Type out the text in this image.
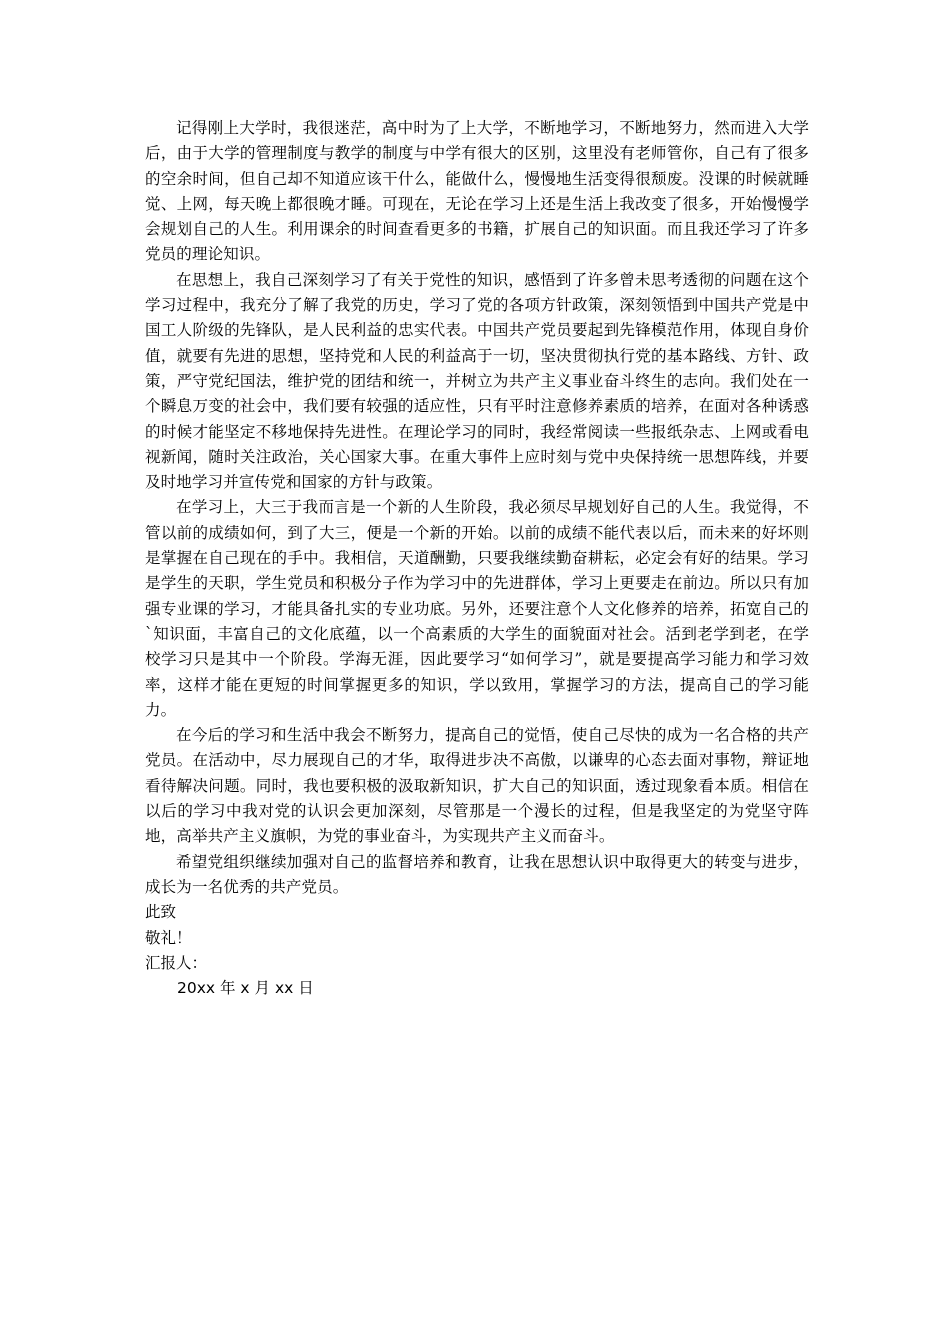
记得刚上大学时，我很迷茫，高中时为了上大学，不断地学习，不断地努力，然而进入大学后，由于大学的管理制度与教学的制度与中学有很大的区别，这里没有老师管你，自己有了很多的空余时间，但自己却不知道应该干什么，能做什么，慢慢地生活变得很颓废。没课的时候就睡觉、上网，每天晚上都很晚才睡。可现在，无论在学习上还是生活上我改变了很多，开始慢慢学会规划自己的人生。利用课余的时间查看更多的书籍，扩展自己的知识面。而且我还学习了许多党员的理论知识。

在思想上，我自己深刻学习了有关于党性的知识，感悟到了许多曾未思考透彻的问题在这个学习过程中，我充分了解了我党的历史，学习了党的各项方针政策，深刻领悟到中国共产党是中国工人阶级的先锋队，是人民利益的忠实代表。中国共产党员要起到先锋模范作用，体现自身价值，就要有先进的思想，坚持党和人民的利益高于一切，坚决贯彻执行党的基本路线、方针、政策，严守党纪国法，维护党的团结和统一，并树立为共产主义事业奋斗终生的志向。我们处在一个瞬息万变的社会中，我们要有较强的适应性，只有平时注意修养素质的培养，在面对各种诱惑的时候才能坚定不移地保持先进性。在理论学习的同时，我经常阅读一些报纸杂志、上网或看电视新闻，随时关注政治，关心国家大事。在重大事件上应时刻与党中央保持统一思想阵线，并要及时地学习并宣传党和国家的方针与政策。

在学习上，大三于我而言是一个新的人生阶段，我必须尽早规划好自己的人生。我觉得，不管以前的成绩如何，到了大三，便是一个新的开始。以前的成绩不能代表以后，而未来的好坏则是掌握在自己现在的手中。我相信，天道酬勤，只要我继续勤奋耕耘，必定会有好的结果。学习是学生的天职，学生党员和积极分子作为学习中的先进群体，学习上更要走在前边。所以只有加强专业课的学习，才能具备扎实的专业功底。另外，还要注意个人文化修养的培养，拓宽自己的`知识面，丰富自己的文化底蕴，以一个高素质的大学生的面貌面对社会。活到老学到老，在学校学习只是其中一个阶段。学海无涯，因此要学习“如何学习”，就是要提高学习能力和学习效率，这样才能在更短的时间掌握更多的知识，学以致用，掌握学习的方法，提高自己的学习能力。

在今后的学习和生活中我会不断努力，提高自己的觉悟，使自己尽快的成为一名合格的共产党员。在活动中，尽力展现自己的才华，取得进步决不高傲，以谦卑的心态去面对事物，辩证地看待解决问题。同时，我也要积极的汲取新知识，扩大自己的知识面，透过现象看本质。相信在以后的学习中我对党的认识会更加深刻，尽管那是一个漫长的过程，但是我坚定的为党坚守阵地，高举共产主义旗帜，为党的事业奋斗，为实现共产主义而奋斗。

希望党组织继续加强对自己的监督培养和教育，让我在思想认识中取得更大的转变与进步，成长为一名优秀的共产党员。

此致

敬礼！

汇报人：

20xx 年 x 月 xx 日
